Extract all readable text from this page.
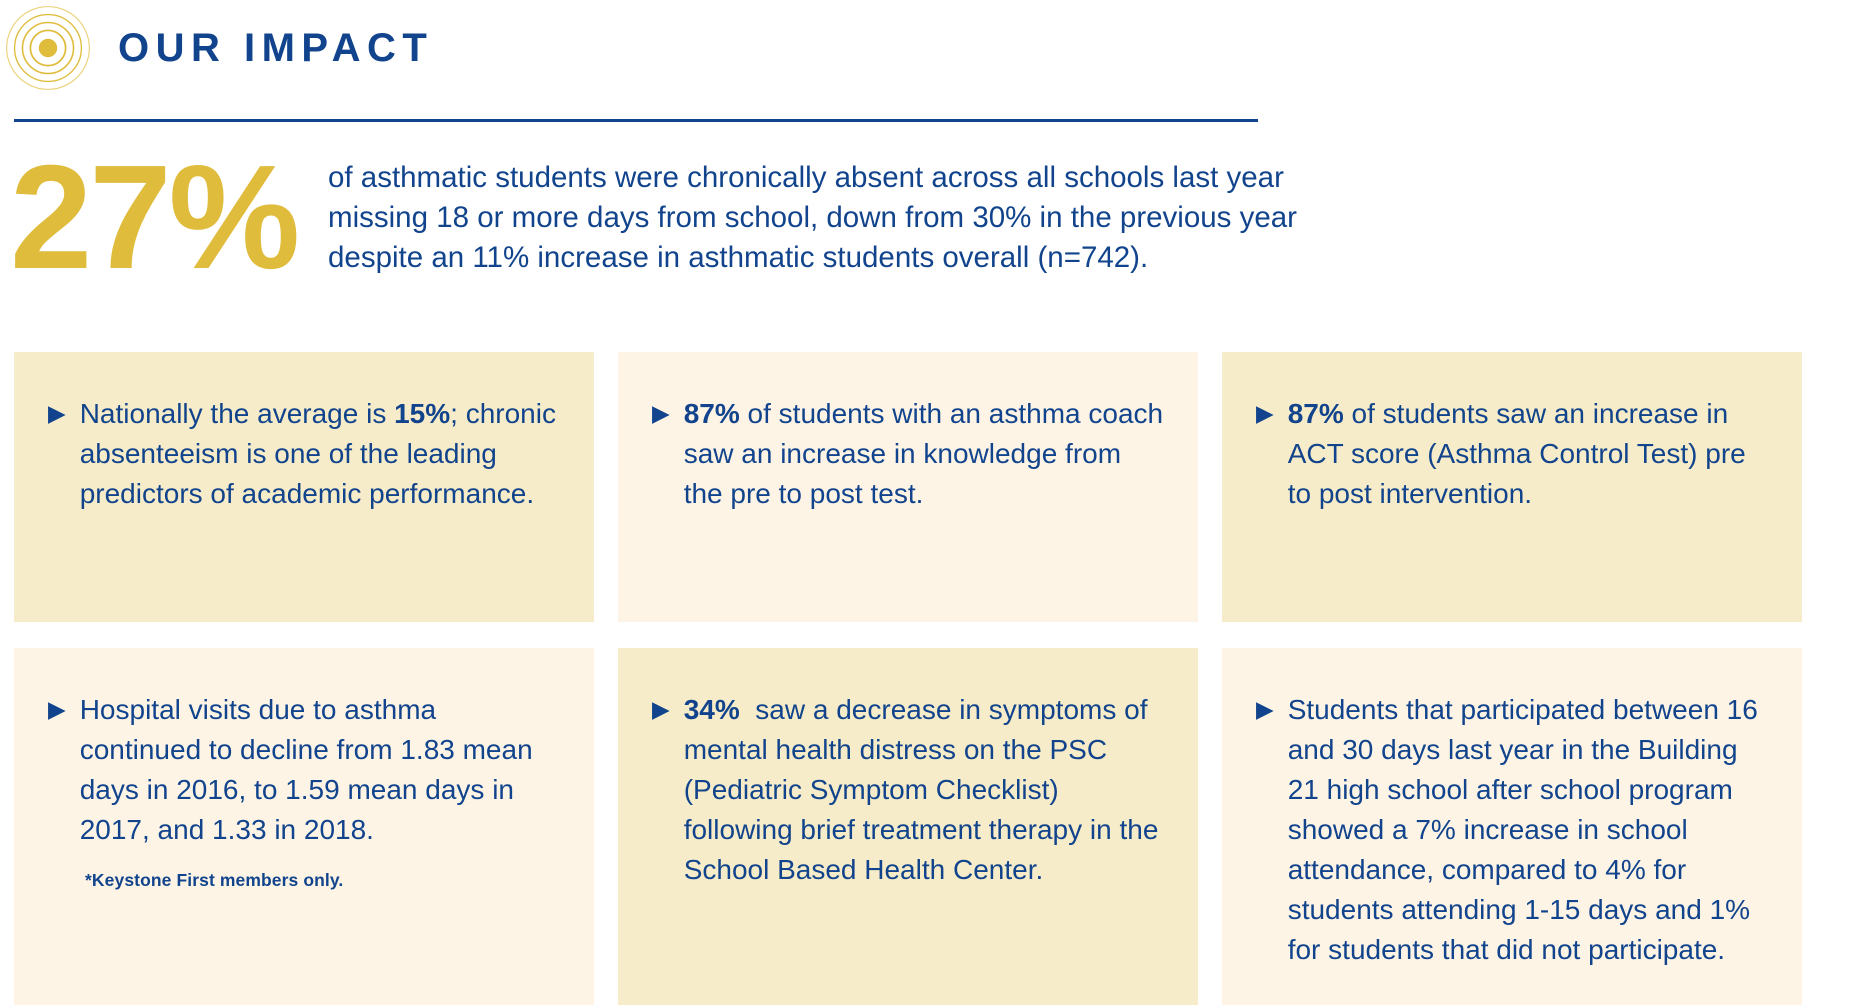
OUR IMPACT
27%	of asthmatic students were chronically absent across all schools last year missing 18 or more days from school, down from 30% in the previous year despite an 11% increase in asthmatic students overall (n=742).
▶ Nationally the average is 15%; chronic absenteeism is one of the leading predictors of academic performance.
▶ 87% of students with an asthma coach saw an increase in knowledge from the pre to post test.
▶ 87% of students saw an increase in ACT score (Asthma Control Test) pre to post intervention.
▶ Hospital visits due to asthma continued to decline from 1.83 mean days in 2016, to 1.59 mean days in 2017, and 1.33 in 2018.
*Keystone First members only.
▶ 34%  saw a decrease in symptoms of mental health distress on the PSC (Pediatric Symptom Checklist) following brief treatment therapy in the School Based Health Center.
▶ Students that participated between 16 and 30 days last year in the Building 21 high school after school program showed a 7% increase in school attendance, compared to 4% for students attending 1-15 days and 1% for students that did not participate.
